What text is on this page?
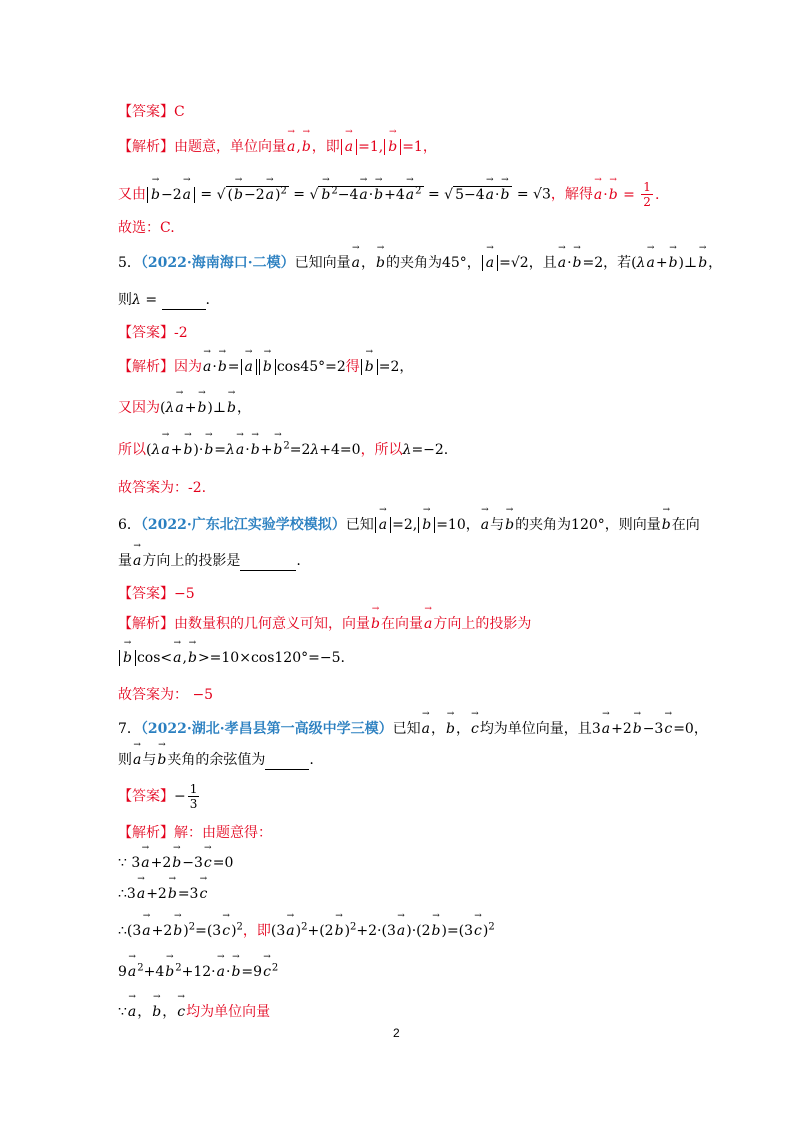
【答案】C
【解析】由题意，单位向量→ a,→ b，即 → a =1, → b =1，
又由 → b−2→ a = √ (→ b−2→ a)$^2$ = √ → $b^2-4\to a\cdot\to b+4\to a^2$ = √ 5−4→ a·→ b = √3，解得→ $a\cdot\to b = \frac{1}{2}$ .
故选：C.
5．（2022·海南海口·二模）已知向量→ a，→ b的夹角为45°， → a =√2，且→ a·→ b=2，若(λ→ a+→ b)⊥→ b，
则λ =	.
【答案】-2
【解析】因为→ a·→ b= → a → b cos45°=2得 → b =2，
又因为(λ→ a+→ b)⊥→ b，
所以$(\lambda\to a+\to b)\cdot\to b=\lambda\to a\cdot\to b+\to b^2=2\lambda+4=0$，所以λ=−2.
故答案为：-2.
6．（2022·广东北江实验学校模拟）已知 → a =2, → b =10，→ a与→ b的夹角为120°，则向量→ b在向
量→ a方向上的投影是	.
【答案】−5
【解析】由数量积的几何意义可知，向量→ b在向量→ a方向上的投影为
→ b cos<→ a,→ b>=10×cos120°=−5.
故答案为： −5
7．（2022·湖北·孝昌县第一高级中学三模）已知→ a，→ b，→ c均为单位向量，且3→ a+2→ b−3→ c=0，
则→ a与→ b夹角的余弦值为	.
【答案】− $\frac{1}{3}$
【解析】解：由题意得：
∵ 3→ a+2→ b−3→ c=0
∴3→ a+2→ b=3→ c
∴(3→ $a+2\to b)^2=(3\to c)^2$，即$(3\to a)^2+(2\to b)^2+2\cdot(3\to a)\cdot(2\to b)=(3\to c)^2$
$9\to a^2+4\to b^2+12\cdot\to a\cdot\to b=9\to c^2$
∵→ a，→ b，→ c均为单位向量
2
